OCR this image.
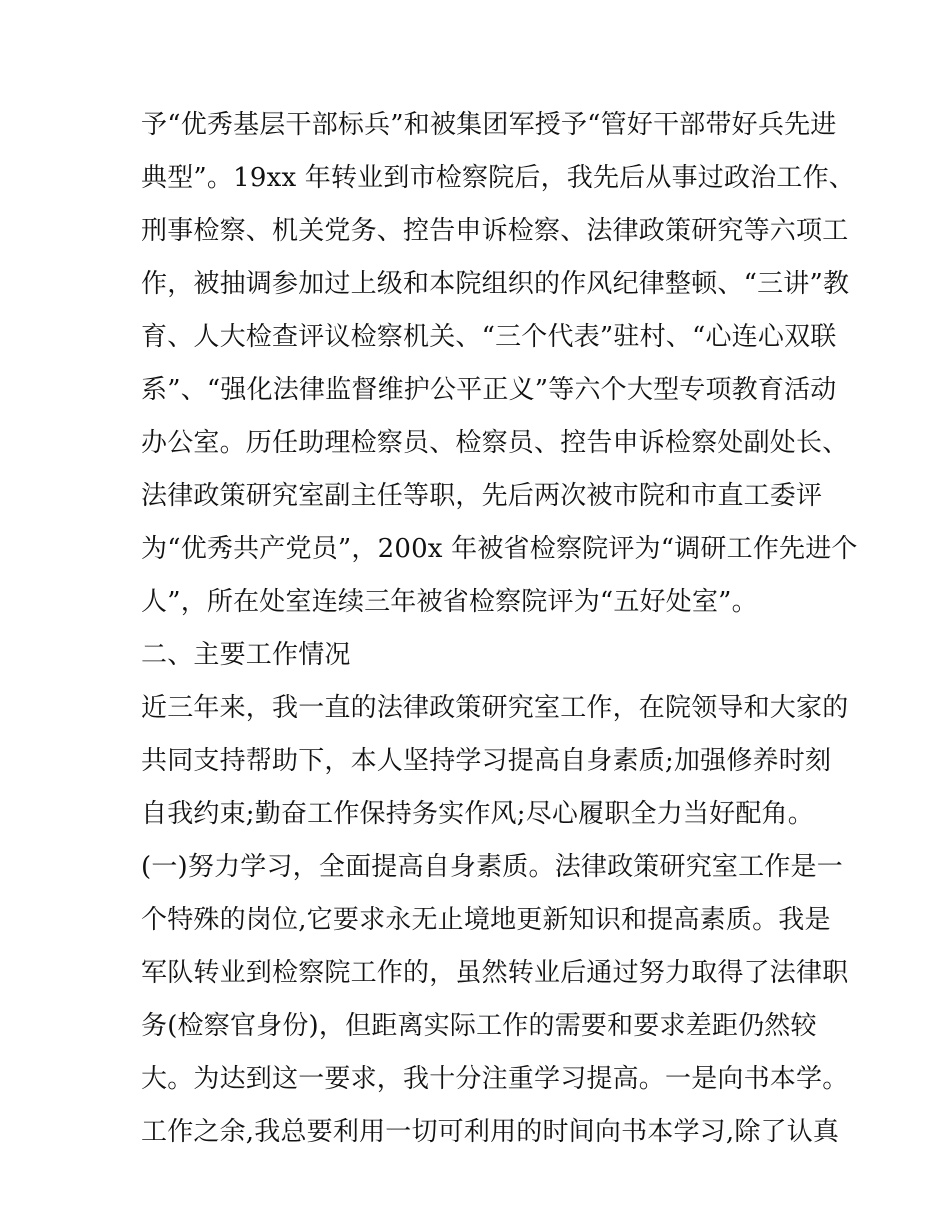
予“优秀基层干部标兵”和被集团军授予“管好干部带好兵先进
典型”。19xx 年转业到市检察院后，我先后从事过政治工作、
刑事检察、机关党务、控告申诉检察、法律政策研究等六项工
作，被抽调参加过上级和本院组织的作风纪律整顿、“三讲”教
育、人大检查评议检察机关、“三个代表”驻村、“心连心双联
系”、“强化法律监督维护公平正义”等六个大型专项教育活动
办公室。历任助理检察员、检察员、控告申诉检察处副处长、
法律政策研究室副主任等职，先后两次被市院和市直工委评
为“优秀共产党员”，200x 年被省检察院评为“调研工作先进个
人”，所在处室连续三年被省检察院评为“五好处室”。
二、主要工作情况
近三年来，我一直的法律政策研究室工作，在院领导和大家的
共同支持帮助下，本人坚持学习提高自身素质;加强修养时刻
自我约束;勤奋工作保持务实作风;尽心履职全力当好配角。
(一)努力学习，全面提高自身素质。法律政策研究室工作是一
个特殊的岗位,它要求永无止境地更新知识和提高素质。我是
军队转业到检察院工作的，虽然转业后通过努力取得了法律职
务(检察官身份)，但距离实际工作的需要和要求差距仍然较
大。为达到这一要求，我十分注重学习提高。一是向书本学。
工作之余,我总要利用一切可利用的时间向书本学习,除了认真
